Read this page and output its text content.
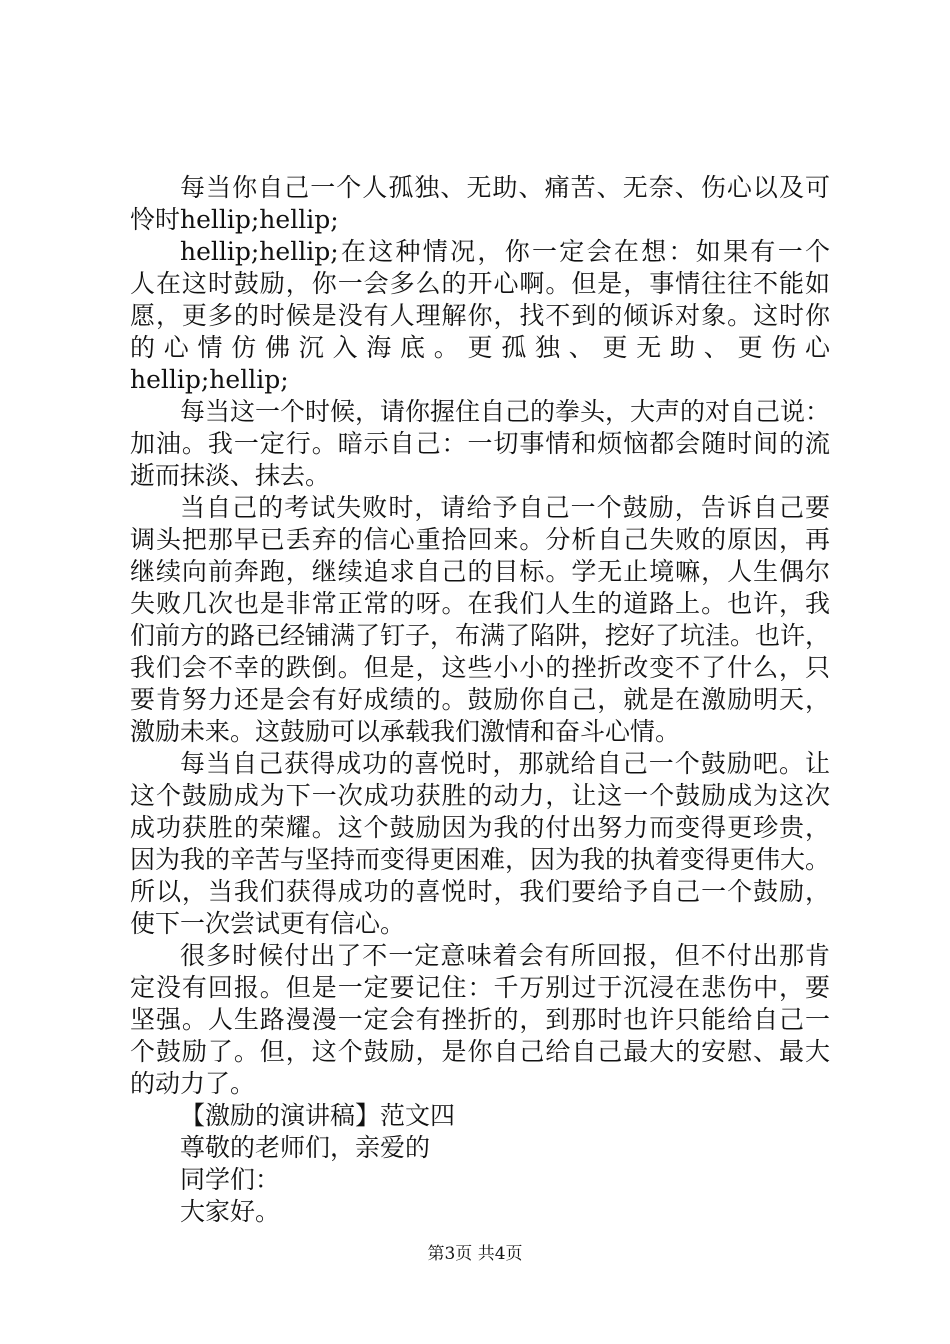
每当你自己一个人孤独、无助、痛苦、无奈、伤心以及可
怜时hellip;hellip;
hellip;hellip;在这种情况，你一定会在想：如果有一个
人在这时鼓励，你一会多么的开心啊。但是，事情往往不能如
愿，更多的时候是没有人理解你，找不到的倾诉对象。这时你
的心情仿佛沉入海底。更孤独、更无助、更伤心
hellip;hellip;
每当这一个时候，请你握住自己的拳头，大声的对自己说：
加油。我一定行。暗示自己：一切事情和烦恼都会随时间的流
逝而抹淡、抹去。
当自己的考试失败时，请给予自己一个鼓励，告诉自己要
调头把那早已丢弃的信心重拾回来。分析自己失败的原因，再
继续向前奔跑，继续追求自己的目标。学无止境嘛，人生偶尔
失败几次也是非常正常的呀。在我们人生的道路上。也许，我
们前方的路已经铺满了钉子，布满了陷阱，挖好了坑洼。也许，
我们会不幸的跌倒。但是，这些小小的挫折改变不了什么，只
要肯努力还是会有好成绩的。鼓励你自己，就是在激励明天，
激励未来。这鼓励可以承载我们激情和奋斗心情。
每当自己获得成功的喜悦时，那就给自己一个鼓励吧。让
这个鼓励成为下一次成功获胜的动力，让这一个鼓励成为这次
成功获胜的荣耀。这个鼓励因为我的付出努力而变得更珍贵，
因为我的辛苦与坚持而变得更困难，因为我的执着变得更伟大。
所以，当我们获得成功的喜悦时，我们要给予自己一个鼓励，
使下一次尝试更有信心。
很多时候付出了不一定意味着会有所回报，但不付出那肯
定没有回报。但是一定要记住：千万别过于沉浸在悲伤中，要
坚强。人生路漫漫一定会有挫折的，到那时也许只能给自己一
个鼓励了。但，这个鼓励，是你自己给自己最大的安慰、最大
的动力了。
【激励的演讲稿】范文四
尊敬的老师们，亲爱的
同学们：
大家好。
第3页 共4页
